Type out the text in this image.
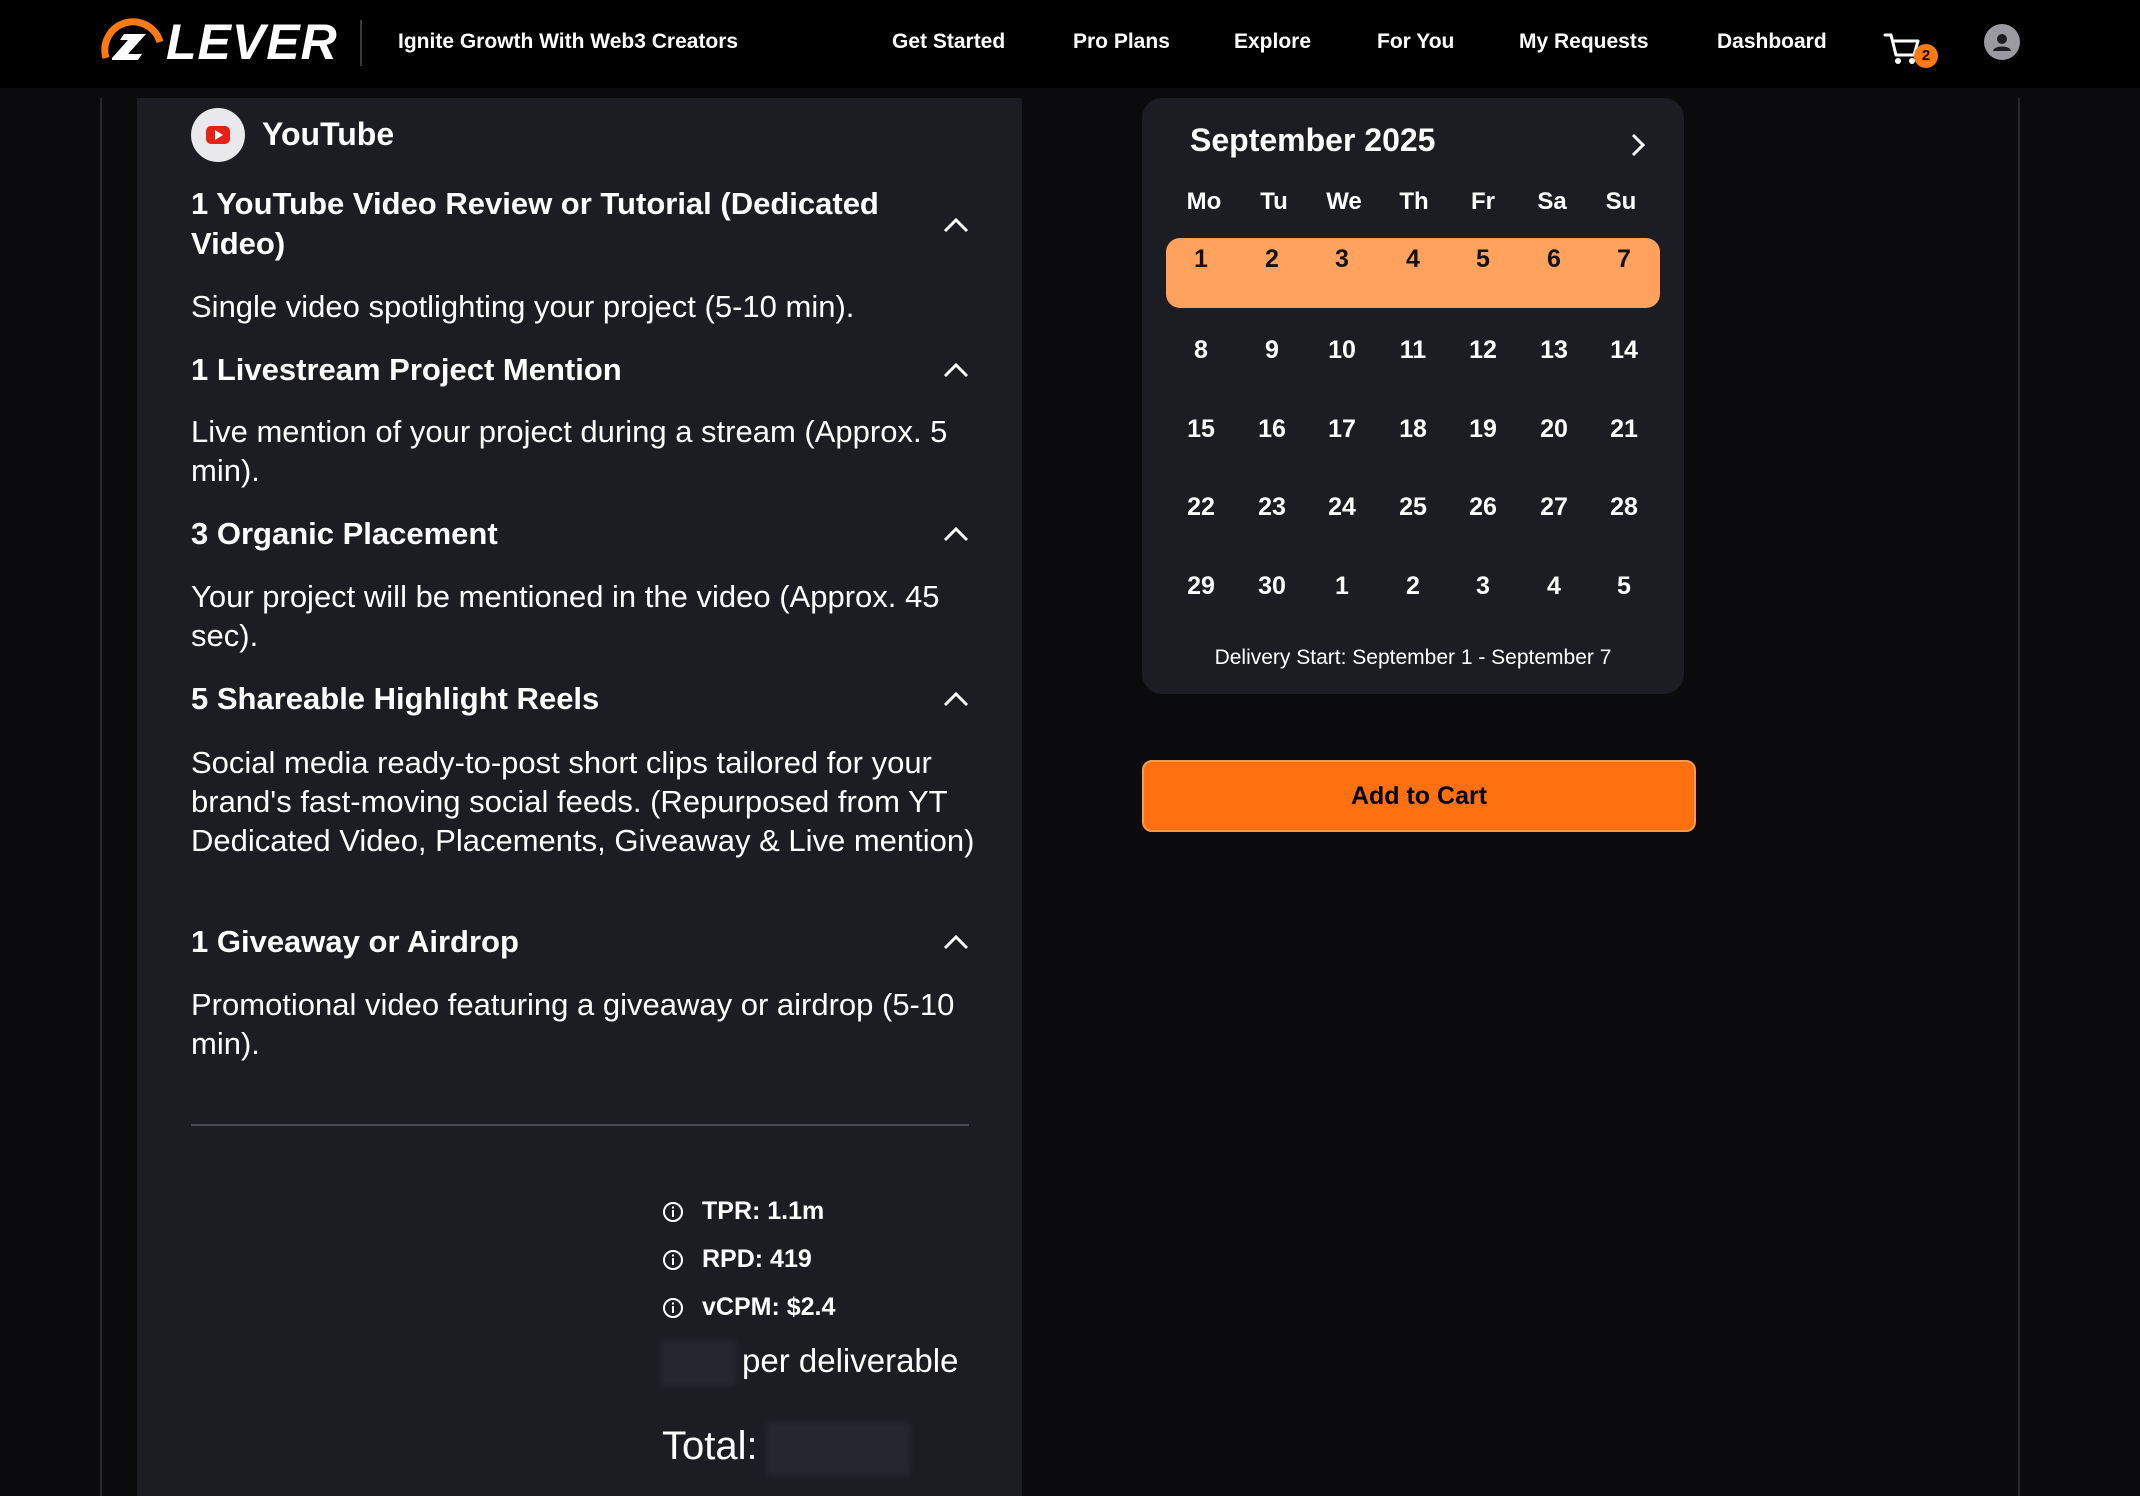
LEVER	Ignite Growth With Web3 Creators	Get Started	Pro Plans	Explore	For You	My Requests	Dashboard
2
YouTube
1 YouTube Video Review or Tutorial (Dedicated Video)
Single video spotlighting your project (5-10 min).
1 Livestream Project Mention
Live mention of your project during a stream (Approx. 5 min).
3 Organic Placement
Your project will be mentioned in the video (Approx. 45 sec).
5 Shareable Highlight Reels
Social media ready-to-post short clips tailored for your brand's fast-moving social feeds. (Repurposed from YT Dedicated Video, Placements, Giveaway & Live mention)
1 Giveaway or Airdrop
Promotional video featuring a giveaway or airdrop (5-10 min).
TPR: 1.1m
RPD: 419
vCPM: $2.4
per deliverable
Total:
September 2025
Mo	Tu	We	Th	Fr	Sa	Su
1	2	3	4	5	6	7
8	9	10	11	12	13	14
15	16	17	18	19	20	21
22	23	24	25	26	27	28
29	30	1	2	3	4	5
Delivery Start: September 1 - September 7
Add to Cart
